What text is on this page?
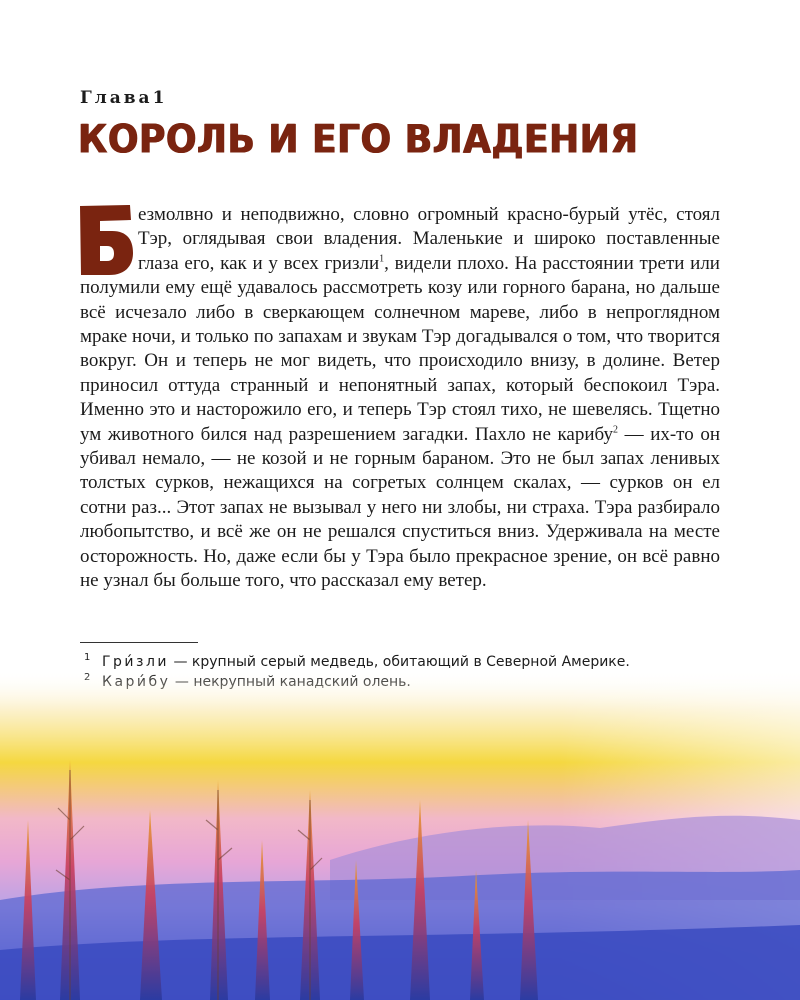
Глава1
КОРОЛЬ И ЕГО ВЛАДЕНИЯ
езмолвно и неподвижно, словно огромный красно-бурый утёс, стоял Тэр, оглядывая свои владения. Маленькие и широко поставленные глаза его, как и у всех гризли$^1$, видели плохо. На расстоянии трети или полумили ему ещё удавалось рассмотреть козу или горного барана, но дальше всё исчезало либо в сверкающем солнечном мареве, либо в непроглядном мраке ночи, и только по запахам и звукам Тэр догадывался о том, что творится вокруг. Он и теперь не мог видеть, что происходило внизу, в долине. Ветер приносил оттуда странный и непонятный запах, который беспокоил Тэра. Именно это и насторожило его, и теперь Тэр стоял тихо, не шевелясь. Тщетно ум животного бился над разрешением загадки. Пахло не карибу$^2$ — их-то он убивал немало, — не козой и не горным бараном. Это не был запах ленивых толстых сурков, нежащихся на согретых солнцем скалах, — сурков он ел сотни раз... Этот запах не вызывал у него ни злобы, ни страха. Тэра разбирало любопытство, и всё же он не решался спуститься вниз. Удерживала на месте осторожность. Но, даже если бы у Тэра было прекрасное зрение, он всё равно не узнал бы больше того, что рассказал ему ветер.
1 Гри́зли — крупный серый медведь, обитающий в Северной Америке.
